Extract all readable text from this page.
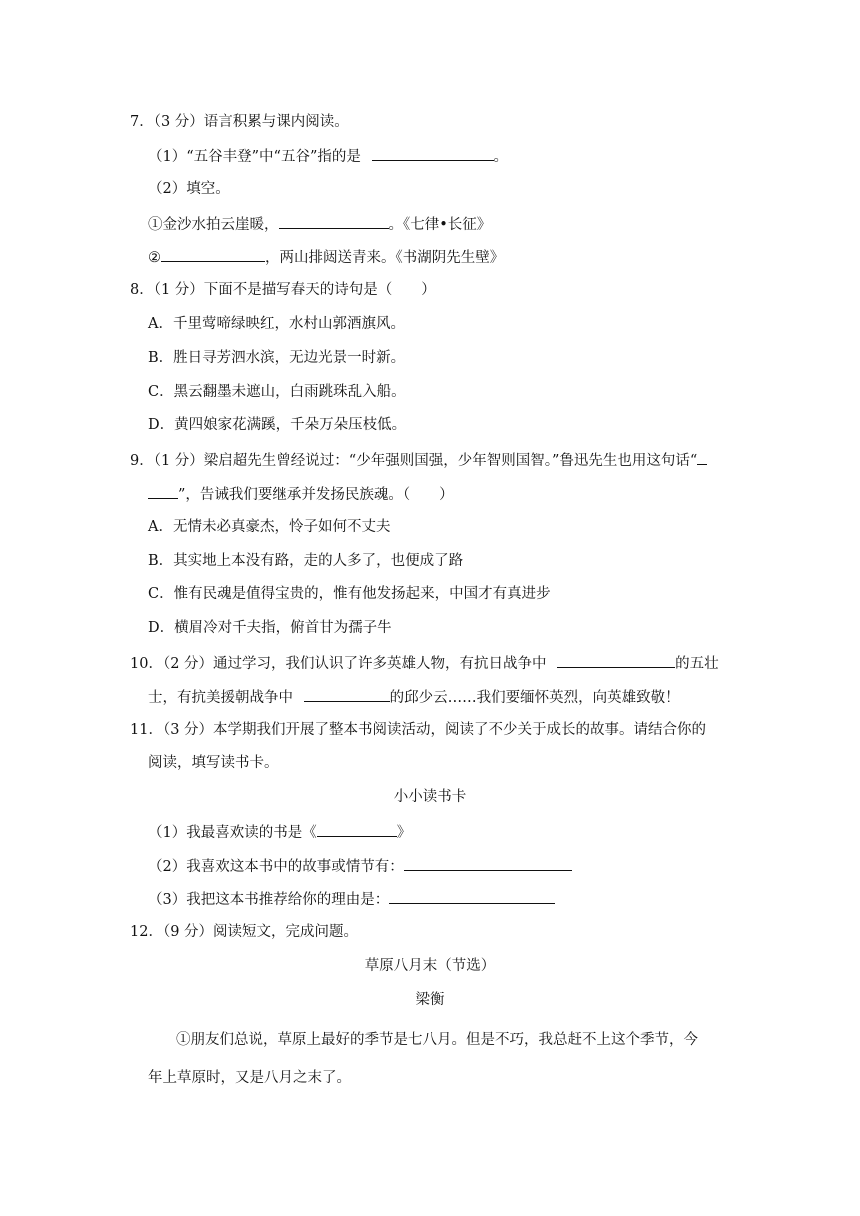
7．（3 分）语言积累与课内阅读。
（1）“五谷丰登”中“五谷”指的是	。
（2）填空。
①金沙水拍云崖暖，	。《七律•长征》
②	，两山排闼送青来。《书湖阴先生壁》
8．（1 分）下面不是描写春天的诗句是（　　）
A．千里莺啼绿映红，水村山郭酒旗风。
B．胜日寻芳泗水滨，无边光景一时新。
C．黑云翻墨未遮山，白雨跳珠乱入船。
D．黄四娘家花满蹊，千朵万朵压枝低。
9．（1 分）梁启超先生曾经说过：“少年强则国强，少年智则国智。”鲁迅先生也用这句话“
”，告诫我们要继承并发扬民族魂。（　　）
A．无情未必真豪杰，怜子如何不丈夫
B．其实地上本没有路，走的人多了，也便成了路
C．惟有民魂是值得宝贵的，惟有他发扬起来，中国才有真进步
D．横眉冷对千夫指，俯首甘为孺子牛
10．（2 分）通过学习，我们认识了许多英雄人物，有抗日战争中	的五壮
士，有抗美援朝战争中	的邱少云……我们要缅怀英烈，向英雄致敬！
11．（3 分）本学期我们开展了整本书阅读活动，阅读了不少关于成长的故事。请结合你的
阅读，填写读书卡。
小小读书卡
（1）我最喜欢读的书是《	》
（2）我喜欢这本书中的故事或情节有：
（3）我把这本书推荐给你的理由是：
12．（9 分）阅读短文，完成问题。
草原八月末（节选）
梁衡
①朋友们总说，草原上最好的季节是七八月。但是不巧，我总赶不上这个季节，今
年上草原时，又是八月之末了。
